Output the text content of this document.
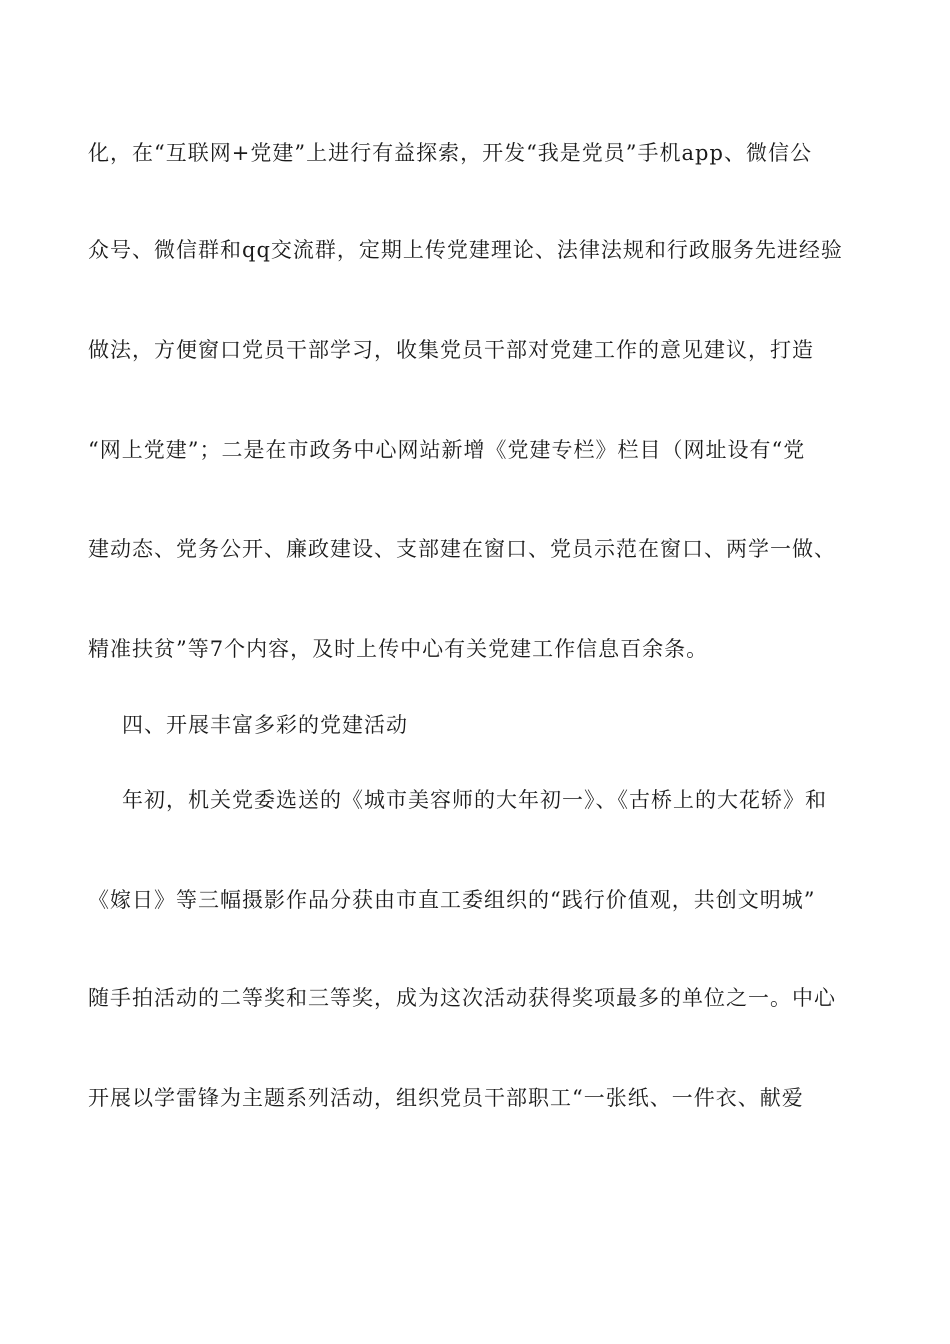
化，在“互联网+党建”上进行有益探索，开发“我是党员”手机app、微信公
众号、微信群和qq交流群，定期上传党建理论、法律法规和行政服务先进经验
做法，方便窗口党员干部学习，收集党员干部对党建工作的意见建议，打造
“网上党建”；二是在市政务中心网站新增《党建专栏》栏目（网址设有“党
建动态、党务公开、廉政建设、支部建在窗口、党员示范在窗口、两学一做、
精准扶贫”等7个内容，及时上传中心有关党建工作信息百余条。
四、开展丰富多彩的党建活动
年初，机关党委选送的《城市美容师的大年初一》、《古桥上的大花轿》和
《嫁日》等三幅摄影作品分获由市直工委组织的“践行价值观，共创文明城”
随手拍活动的二等奖和三等奖，成为这次活动获得奖项最多的单位之一。中心
开展以学雷锋为主题系列活动，组织党员干部职工“一张纸、一件衣、献爱
